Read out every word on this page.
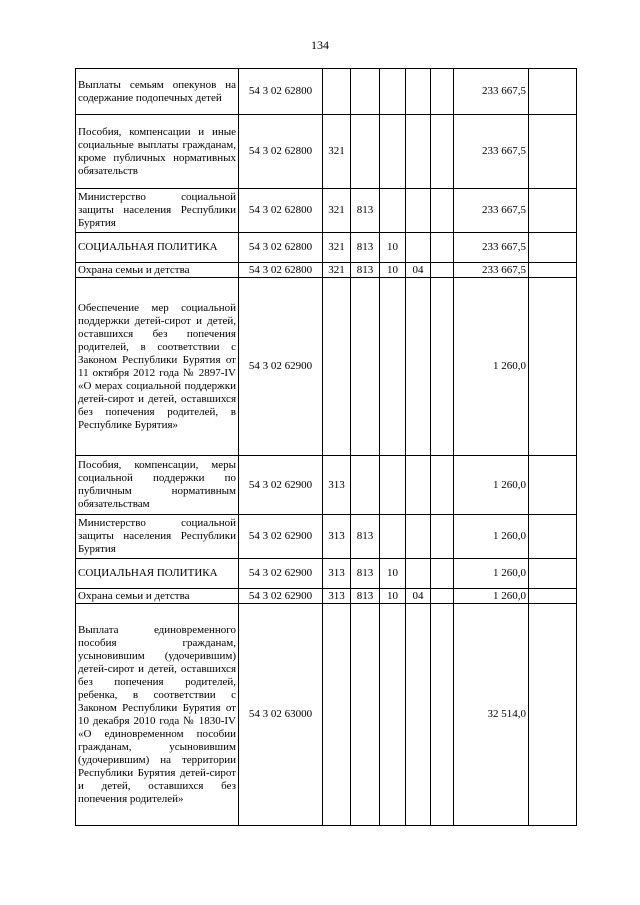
134
Выплаты семьям опекунов на содержание подопечных детей	54 3 02 62800						233 667,5	
Пособия, компенсации и иные социальные выплаты гражданам, кроме публичных нормативных обязательств	54 3 02 62800	321					233 667,5	
Министерство социальной защиты населения Республики Бурятия	54 3 02 62800	321	813				233 667,5	
СОЦИАЛЬНАЯ ПОЛИТИКА	54 3 02 62800	321	813	10			233 667,5	
Охрана семьи и детства	54 3 02 62800	321	813	10	04		233 667,5	
Обеспечение мер социальной поддержки детей-сирот и детей, оставшихся без попечения родителей, в соответствии с Законом Республики Бурятия от 11 октября 2012 года № 2897-IV «О мерах социальной поддержки детей-сирот и детей, оставшихся без попечения родителей, в Республике Бурятия»	54 3 02 62900						1 260,0	
Пособия, компенсации, меры социальной поддержки по публичным нормативным обязательствам	54 3 02 62900	313					1 260,0	
Министерство социальной защиты населения Республики Бурятия	54 3 02 62900	313	813				1 260,0	
СОЦИАЛЬНАЯ ПОЛИТИКА	54 3 02 62900	313	813	10			1 260,0	
Охрана семьи и детства	54 3 02 62900	313	813	10	04		1 260,0	
Выплата единовременного пособия гражданам, усыновившим (удочерившим) детей-сирот и детей, оставшихся без попечения родителей, ребенка, в соответствии с Законом Республики Бурятия от 10 декабря 2010 года № 1830-IV «О единовременном пособии гражданам, усыновившим (удочерившим) на территории Республики Бурятия детей-сирот и детей, оставшихся без попечения родителей»	54 3 02 63000						32 514,0	
